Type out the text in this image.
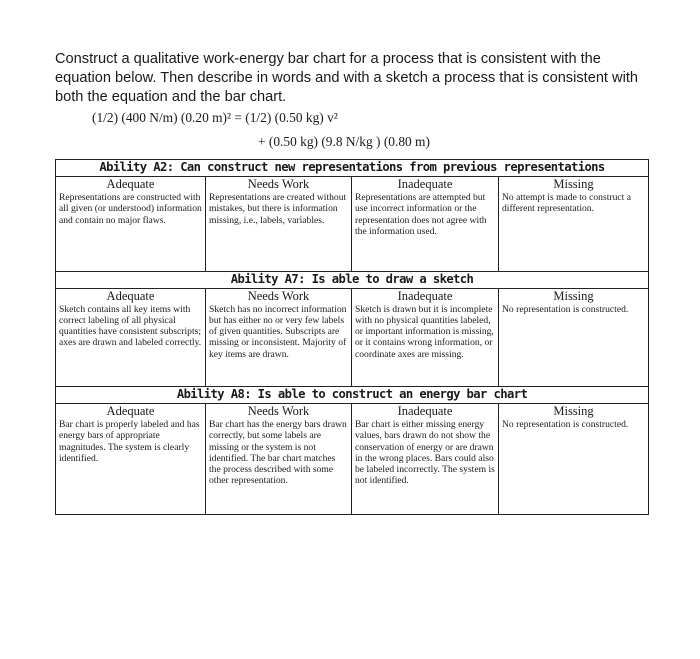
Construct a qualitative work-energy bar chart for a process that is consistent with the equation below. Then describe in words and with a sketch a process that is consistent with both the equation and the bar chart.

(1/2) (400 N/m) (0.20 m)² = (1/2) (0.50 kg) v²

+ (0.50 kg) (9.8 N/kg ) (0.80 m)

Ability A2: Can construct new representations from previous representations			
Adequate	Needs Work	Inadequate	Missing
Representations are constructed with all given (or understood) information and contain no major flaws.	Representations are created without mistakes, but there is information missing, i.e., labels, variables.	Representations are attempted but use incorrect information or the representation does not agree with the information used.	No attempt is made to construct a different representation.
Ability A7: Is able to draw a sketch			
Adequate	Needs Work	Inadequate	Missing
Sketch contains all key items with correct labeling of all physical quantities have consistent subscripts; axes are drawn and labeled correctly.	Sketch has no incorrect information but has either no or very few labels of given quantities. Subscripts are missing or inconsistent. Majority of key items are drawn.	Sketch is drawn but it is incomplete with no physical quantities labeled, or important information is missing, or it contains wrong information, or coordinate axes are missing.	No representation is constructed.
Ability A8: Is able to construct an energy bar chart			
Adequate	Needs Work	Inadequate	Missing
Bar chart is properly labeled and has energy bars of appropriate magnitudes. The system is clearly identified.	Bar chart has the energy bars drawn correctly, but some labels are missing or the system is not identified. The bar chart matches the process described with some other representation.	Bar chart is either missing energy values, bars drawn do not show the conservation of energy or are drawn in the wrong places. Bars could also be labeled incorrectly. The system is not identified.	No representation is constructed.
